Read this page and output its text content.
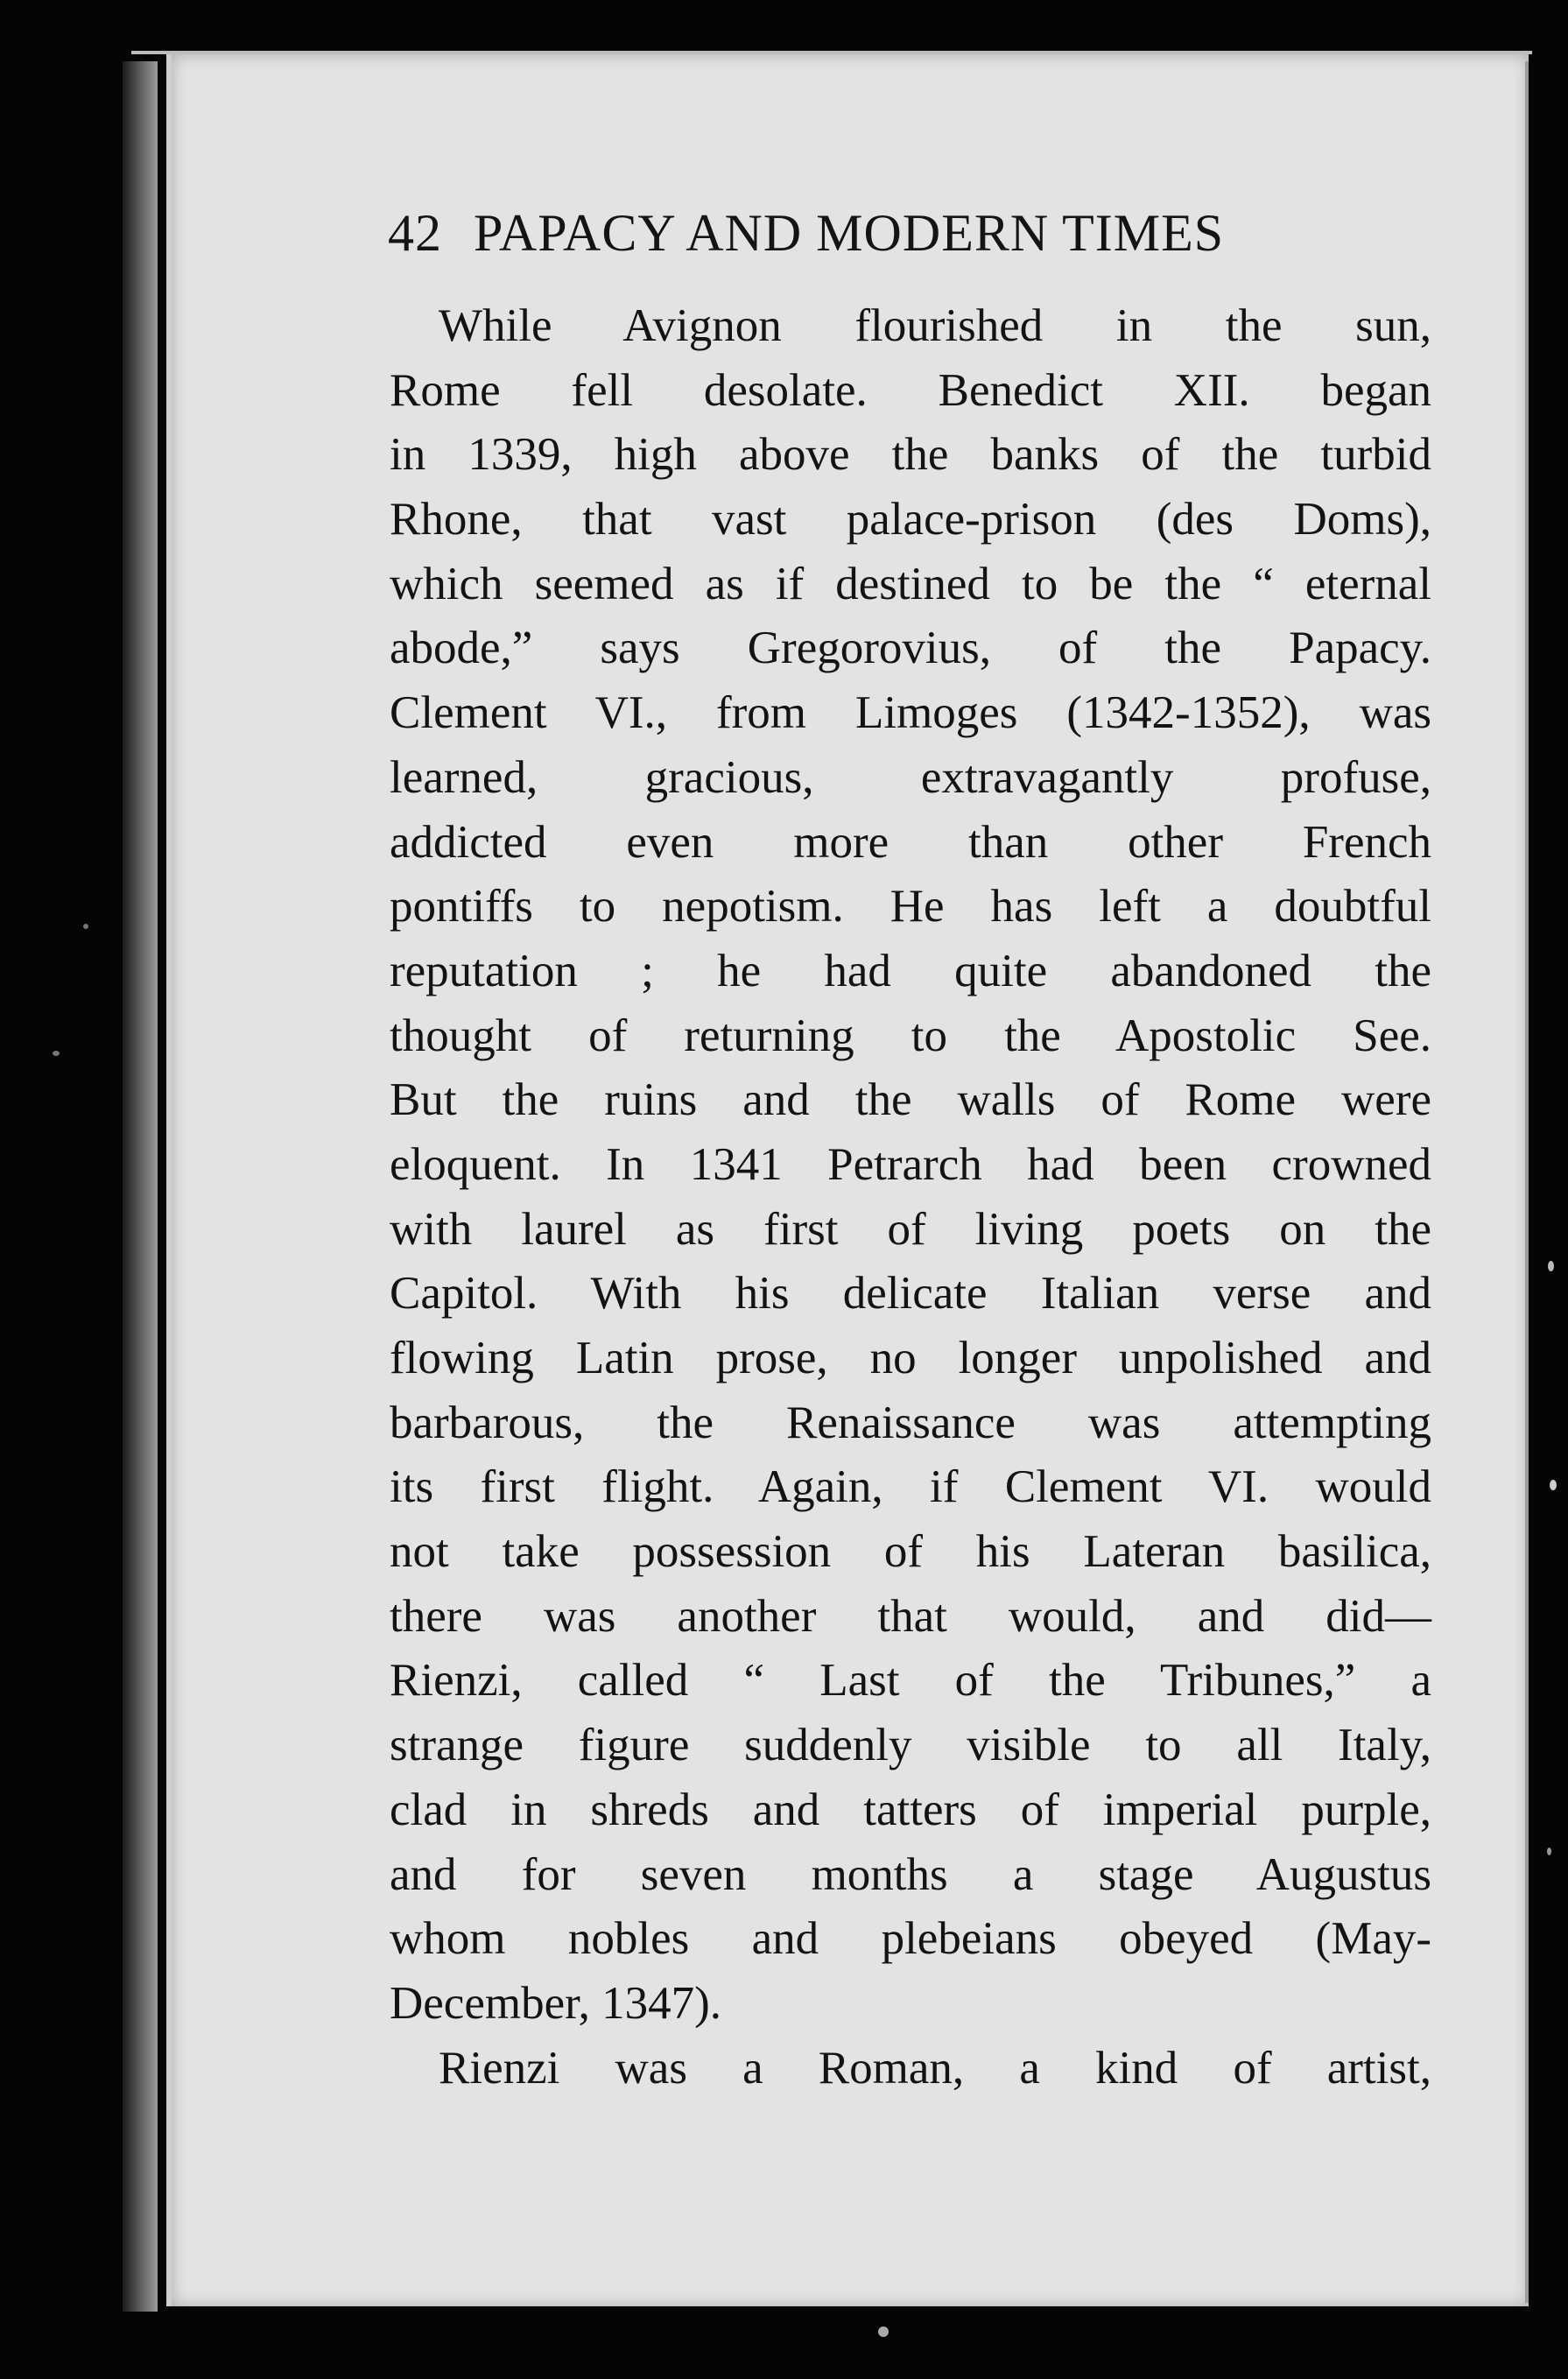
42 PAPACY AND MODERN TIMES
While Avignon flourished in the sun,
Rome fell desolate. Benedict XII. began
in 1339, high above the banks of the turbid
Rhone, that vast palace-prison (des Doms),
which seemed as if destined to be the “ eternal
abode,” says Gregorovius, of the Papacy.
Clement VI., from Limoges (1342-1352), was
learned, gracious, extravagantly profuse,
addicted even more than other French
pontiffs to nepotism. He has left a doubtful
reputation ; he had quite abandoned the
thought of returning to the Apostolic See.
But the ruins and the walls of Rome were
eloquent. In 1341 Petrarch had been crowned
with laurel as first of living poets on the
Capitol. With his delicate Italian verse and
flowing Latin prose, no longer unpolished and
barbarous, the Renaissance was attempting
its first flight. Again, if Clement VI. would
not take possession of his Lateran basilica,
there was another that would, and did—
Rienzi, called “ Last of the Tribunes,” a
strange figure suddenly visible to all Italy,
clad in shreds and tatters of imperial purple,
and for seven months a stage Augustus
whom nobles and plebeians obeyed (May-
December, 1347).
Rienzi was a Roman, a kind of artist,
